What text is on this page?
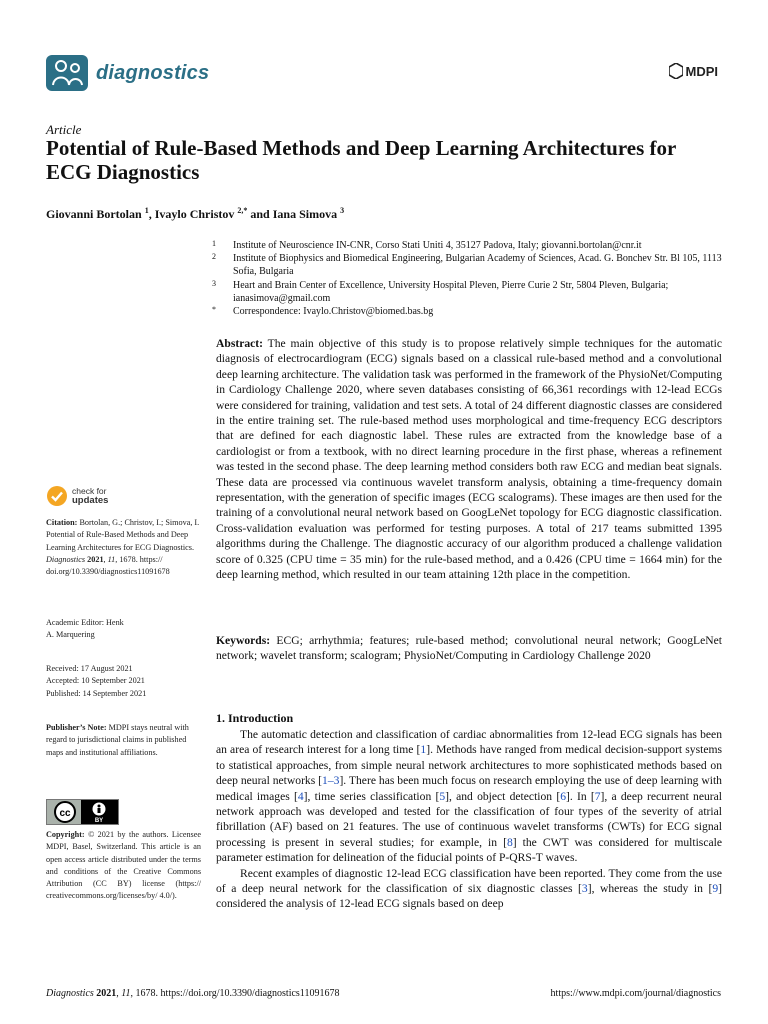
diagnostics	MDPI
Article
Potential of Rule-Based Methods and Deep Learning Architectures for ECG Diagnostics
Giovanni Bortolan $^1$, Ivaylo Christov $^{2,*}$ and Iana Simova $^3$
1 Institute of Neuroscience IN-CNR, Corso Stati Uniti 4, 35127 Padova, Italy; giovanni.bortolan@cnr.it
2 Institute of Biophysics and Biomedical Engineering, Bulgarian Academy of Sciences, Acad. G. Bonchev Str. Bl 105, 1113 Sofia, Bulgaria
3 Heart and Brain Center of Excellence, University Hospital Pleven, Pierre Curie 2 Str, 5804 Pleven, Bulgaria; ianasimova@gmail.com
* Correspondence: Ivaylo.Christov@biomed.bas.bg
Abstract: The main objective of this study is to propose relatively simple techniques for the automatic diagnosis of electrocardiogram (ECG) signals based on a classical rule-based method and a convolutional deep learning architecture. The validation task was performed in the framework of the PhysioNet/Computing in Cardiology Challenge 2020, where seven databases consisting of 66,361 recordings with 12-lead ECGs were considered for training, validation and test sets. A total of 24 different diagnostic classes are considered in the entire training set. The rule-based method uses morphological and time-frequency ECG descriptors that are defined for each diagnostic label. These rules are extracted from the knowledge base of a cardiologist or from a textbook, with no direct learning procedure in the first phase, whereas a refinement was tested in the second phase. The deep learning method considers both raw ECG and median beat signals. These data are processed via continuous wavelet transform analysis, obtaining a time-frequency domain representation, with the generation of specific images (ECG scalograms). These images are then used for the training of a convolutional neural network based on GoogLeNet topology for ECG diagnostic classification. Cross-validation evaluation was performed for testing purposes. A total of 217 teams submitted 1395 algorithms during the Challenge. The diagnostic accuracy of our algorithm produced a challenge validation score of 0.325 (CPU time = 35 min) for the rule-based method, and a 0.426 (CPU time = 1664 min) for the deep learning method, which resulted in our team attaining 12th place in the competition.
Keywords: ECG; arrhythmia; features; rule-based method; convolutional neural network; GoogLeNet network; wavelet transform; scalogram; PhysioNet/Computing in Cardiology Challenge 2020
check for
updates
Citation: Bortolan, G.; Christov, I.; Simova, I. Potential of Rule-Based Methods and Deep Learning Architectures for ECG Diagnostics. Diagnostics 2021, 11, 1678. https:// doi.org/10.3390/diagnostics11091678
Academic Editor: Henk
A. Marquering
Received: 17 August 2021
Accepted: 10 September 2021
Published: 14 September 2021
Publisher’s Note: MDPI stays neutral with regard to jurisdictional claims in published maps and institutional affiliations.
cc
BY
Copyright: © 2021 by the authors. Licensee MDPI, Basel, Switzerland. This article is an open access article distributed under the terms and conditions of the Creative Commons Attribution (CC BY) license (https:// creativecommons.org/licenses/by/ 4.0/).
1. Introduction

The automatic detection and classification of cardiac abnormalities from 12-lead ECG signals has been an area of research interest for a long time [1]. Methods have ranged from medical decision-support systems to statistical approaches, from simple neural network architectures to more sophisticated methods based on deep neural networks [1–3]. There has been much focus on research employing the use of deep learning with medical images [4], time series classification [5], and object detection [6]. In [7], a deep recurrent neural network approach was developed and tested for the classification of four types of the severity of atrial fibrillation (AF) based on 21 features. The use of continuous wavelet transforms (CWTs) for ECG signal processing is present in several studies; for example, in [8] the CWT was considered for multiscale parameter estimation for delineation of the fiducial points of P-QRS-T waves.

Recent examples of diagnostic 12-lead ECG classification have been reported. They come from the use of a deep neural network for the classification of six diagnostic classes [3], whereas the study in [9] considered the analysis of 12-lead ECG signals based on deep

Diagnostics 2021, 11, 1678. https://doi.org/10.3390/diagnostics11091678	https://www.mdpi.com/journal/diagnostics
